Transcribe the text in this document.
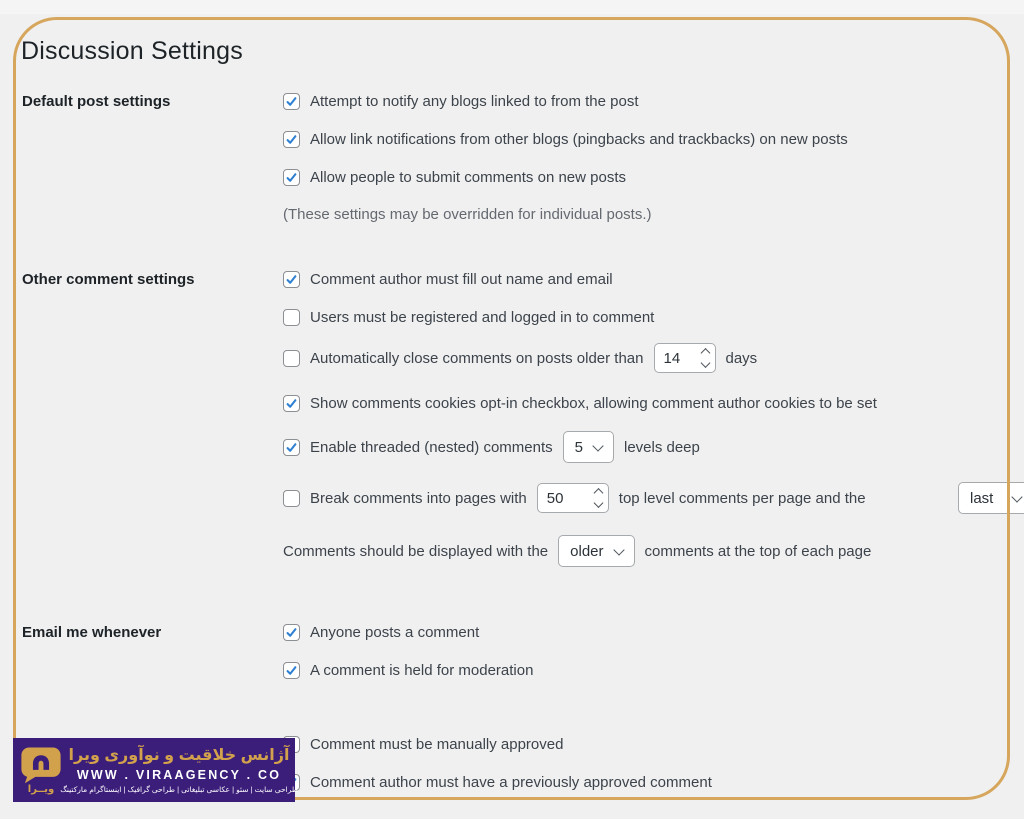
Discussion Settings
Default post settings	Attempt to notify any blogs linked to from the post
Allow link notifications from other blogs (pingbacks and trackbacks) on new posts
Allow people to submit comments on new posts
(These settings may be overridden for individual posts.)
Other comment settings	Comment author must fill out name and email
Users must be registered and logged in to comment
Automatically close comments on posts older than
14	days
Show comments cookies opt-in checkbox, allowing comment author cookies to be set
Enable threaded (nested) comments 5	levels deep
Break comments into pages with
50	top level comments per page and the	last
Comments should be displayed with the older	comments at the top of each page
Email me whenever	Anyone posts a comment
A comment is held for moderation
Comment must be manually approved
Comment author must have a previously approved comment
ویــرا
آژانس خلاقیت و نوآوری ویرا
WWW . VIRAAGENCY . CO
طراحی سایت | سئو | عکاسی تبلیغاتی | طراحی گرافیک | اینستاگرام مارکتینگ
